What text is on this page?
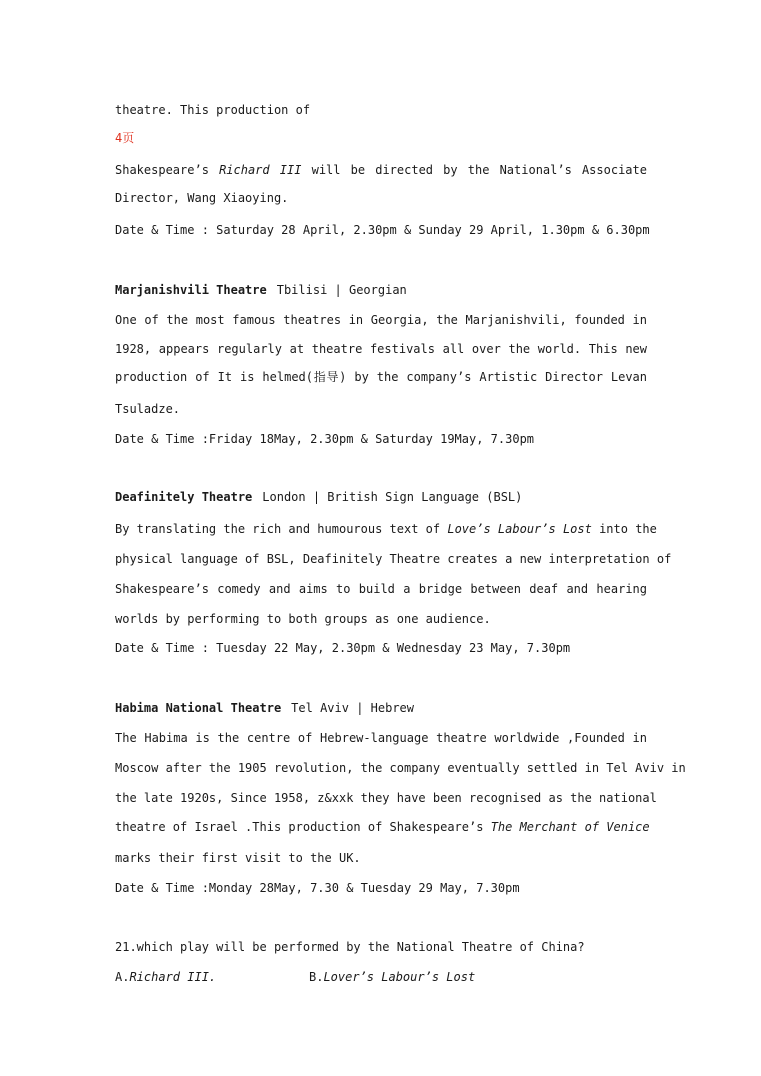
theatre. This production of
4页
Shakespeare’s Richard III will be directed by the National’s Associate
Director, Wang Xiaoying.
Date & Time : Saturday 28 April, 2.30pm & Sunday 29 April, 1.30pm & 6.30pm
Marjanishvili Theatre Tbilisi | Georgian
One of the most famous theatres in Georgia, the Marjanishvili, founded in
1928, appears regularly at theatre festivals all over the world. This new
production of It is helmed(指导) by the company’s Artistic Director Levan
Tsuladze.
Date & Time :Friday 18May, 2.30pm & Saturday 19May, 7.30pm
Deafinitely Theatre London | British Sign Language (BSL)
By translating the rich and humourous text of Love’s Labour’s Lost into the
physical language of BSL, Deafinitely Theatre creates a new interpretation of
Shakespeare’s comedy and aims to build a bridge between deaf and hearing
worlds by performing to both groups as one audience.
Date & Time : Tuesday 22 May, 2.30pm & Wednesday 23 May, 7.30pm
Habima National Theatre Tel Aviv | Hebrew
The Habima is the centre of Hebrew-language theatre worldwide ,Founded in
Moscow after the 1905 revolution, the company eventually settled in Tel Aviv in
the late 1920s, Since 1958, z&xxk they have been recognised as the national
theatre of Israel .This production of Shakespeare’s The Merchant of Venice
marks their first visit to the UK.
Date & Time :Monday 28May, 7.30 & Tuesday 29 May, 7.30pm
21.which play will be performed by the National Theatre of China?
A.Richard III.	B.Lover’s Labour’s Lost
